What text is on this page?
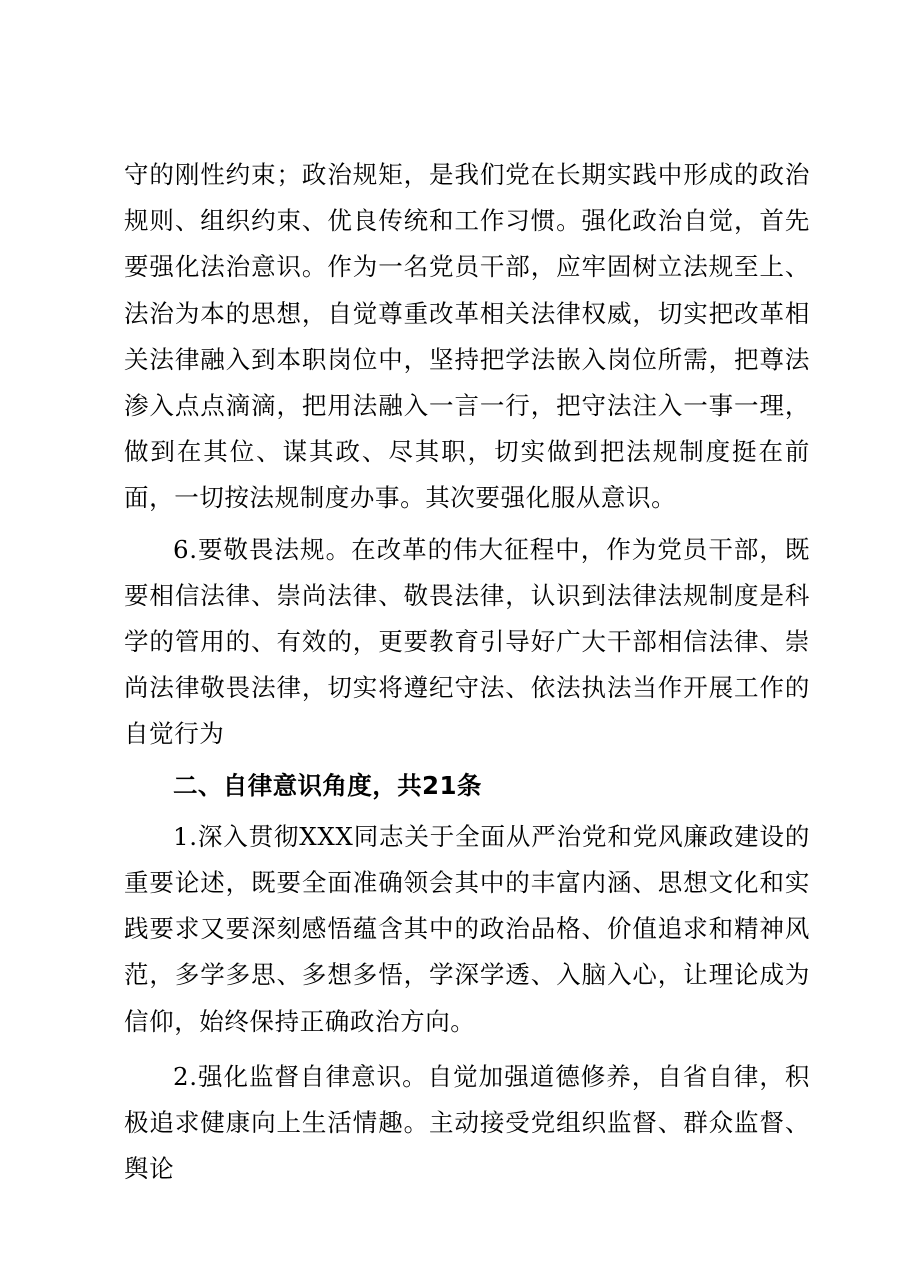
守的刚性约束；政治规矩，是我们党在长期实践中形成的政治规则、组织约束、优良传统和工作习惯。强化政治自觉，首先要强化法治意识。作为一名党员干部，应牢固树立法规至上、法治为本的思想，自觉尊重改革相关法律权威，切实把改革相关法律融入到本职岗位中，坚持把学法嵌入岗位所需，把尊法渗入点点滴滴，把用法融入一言一行，把守法注入一事一理，做到在其位、谋其政、尽其职，切实做到把法规制度挺在前面，一切按法规制度办事。其次要强化服从意识。

6.要敬畏法规。在改革的伟大征程中，作为党员干部，既要相信法律、崇尚法律、敬畏法律，认识到法律法规制度是科学的管用的、有效的，更要教育引导好广大干部相信法律、崇尚法律敬畏法律，切实将遵纪守法、依法执法当作开展工作的自觉行为

二、自律意识角度，共21条

1.深入贯彻XXX同志关于全面从严治党和党风廉政建设的重要论述，既要全面准确领会其中的丰富内涵、思想文化和实践要求又要深刻感悟蕴含其中的政治品格、价值追求和精神风范，多学多思、多想多悟，学深学透、入脑入心，让理论成为信仰，始终保持正确政治方向。

2.强化监督自律意识。自觉加强道德修养，自省自律，积极追求健康向上生活情趣。主动接受党组织监督、群众监督、舆论
